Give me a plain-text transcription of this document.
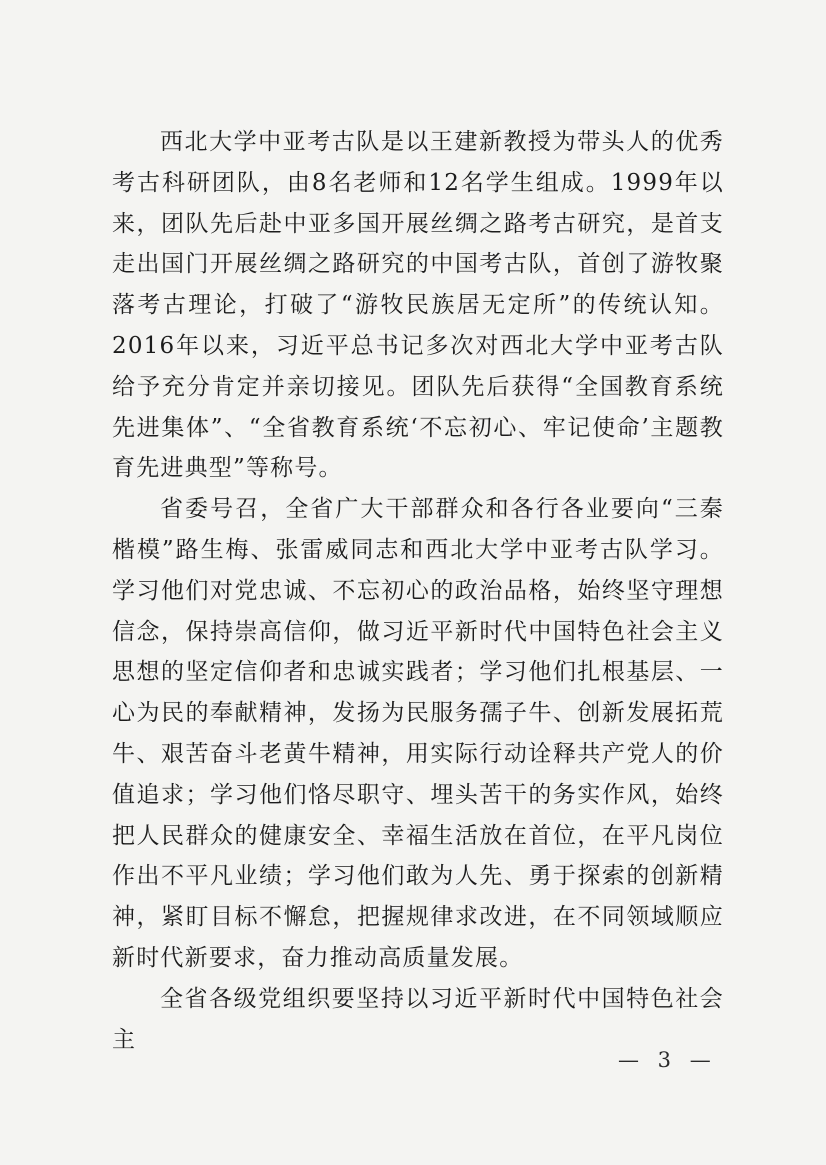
西北大学中亚考古队是以王建新教授为带头人的优秀考古科研团队，由8名老师和12名学生组成。1999年以来，团队先后赴中亚多国开展丝绸之路考古研究，是首支走出国门开展丝绸之路研究的中国考古队，首创了游牧聚落考古理论，打破了“游牧民族居无定所”的传统认知。2016年以来，习近平总书记多次对西北大学中亚考古队给予充分肯定并亲切接见。团队先后获得“全国教育系统先进集体”、“全省教育系统‘不忘初心、牢记使命’主题教育先进典型”等称号。

省委号召，全省广大干部群众和各行各业要向“三秦楷模”路生梅、张雷威同志和西北大学中亚考古队学习。学习他们对党忠诚、不忘初心的政治品格，始终坚守理想信念，保持崇高信仰，做习近平新时代中国特色社会主义思想的坚定信仰者和忠诚实践者；学习他们扎根基层、一心为民的奉献精神，发扬为民服务孺子牛、创新发展拓荒牛、艰苦奋斗老黄牛精神，用实际行动诠释共产党人的价值追求；学习他们恪尽职守、埋头苦干的务实作风，始终把人民群众的健康安全、幸福生活放在首位，在平凡岗位作出不平凡业绩；学习他们敢为人先、勇于探索的创新精神，紧盯目标不懈怠，把握规律求改进，在不同领域顺应新时代新要求，奋力推动高质量发展。

全省各级党组织要坚持以习近平新时代中国特色社会主

— 3 —
